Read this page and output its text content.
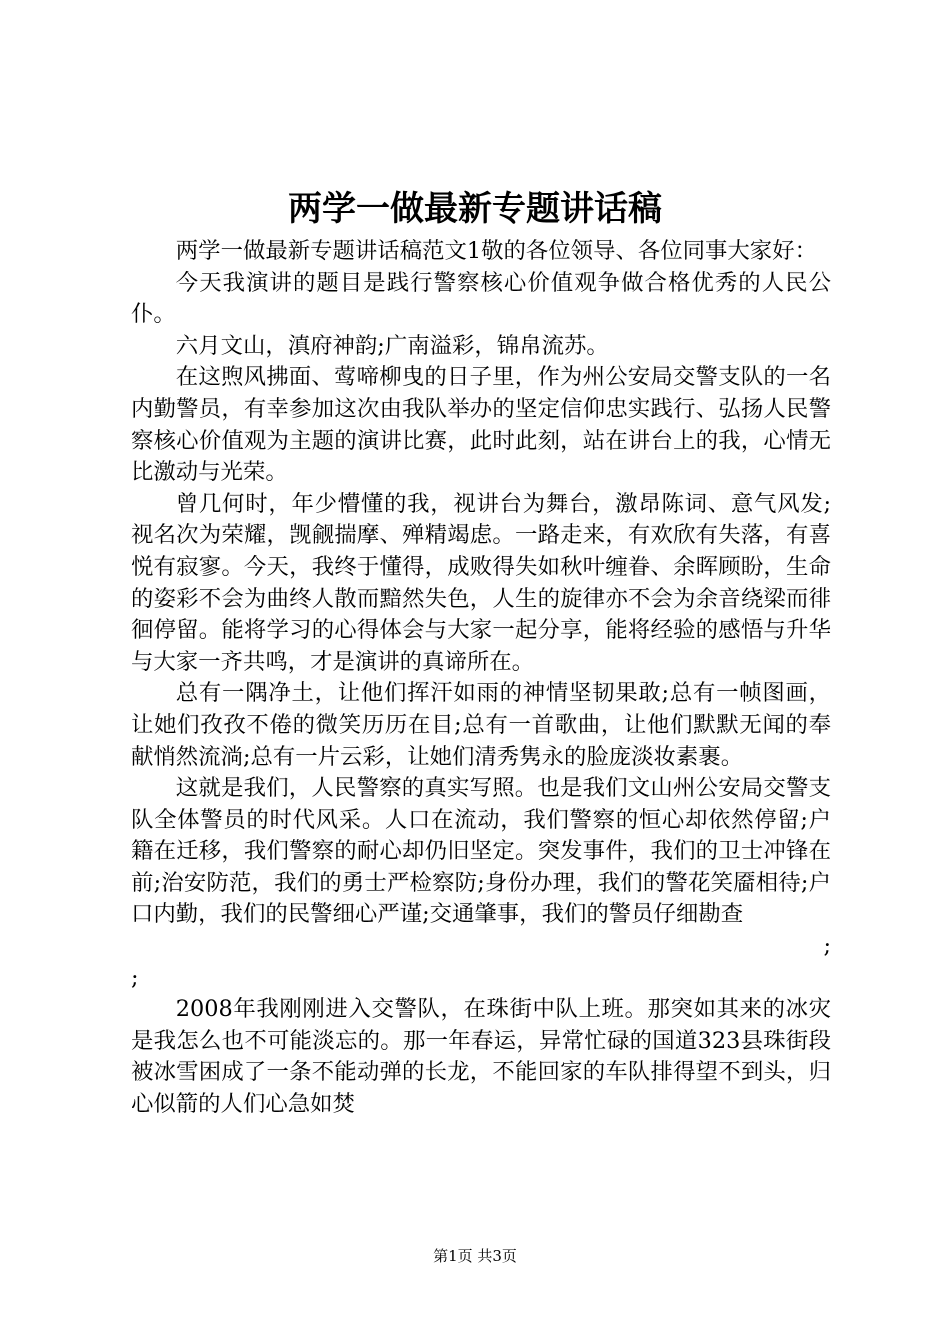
两学一做最新专题讲话稿

两学一做最新专题讲话稿范文1敬的各位领导、各位同事大家好：

今天我演讲的题目是践行警察核心价值观争做合格优秀的人民公仆。

六月文山，滇府神韵;广南溢彩，锦帛流苏。

在这煦风拂面、莺啼柳曳的日子里，作为州公安局交警支队的一名内勤警员，有幸参加这次由我队举办的坚定信仰忠实践行、弘扬人民警察核心价值观为主题的演讲比赛，此时此刻，站在讲台上的我，心情无比激动与光荣。

曾几何时，年少懵懂的我，视讲台为舞台，激昂陈词、意气风发;视名次为荣耀，觊觎揣摩、殚精竭虑。一路走来，有欢欣有失落，有喜悦有寂寥。今天，我终于懂得，成败得失如秋叶缠眷、余晖顾盼，生命的姿彩不会为曲终人散而黯然失色，人生的旋律亦不会为余音绕梁而徘徊停留。能将学习的心得体会与大家一起分享，能将经验的感悟与升华与大家一齐共鸣，才是演讲的真谛所在。

总有一隅净土，让他们挥汗如雨的神情坚韧果敢;总有一帧图画，让她们孜孜不倦的微笑历历在目;总有一首歌曲，让他们默默无闻的奉献悄然流淌;总有一片云彩，让她们清秀隽永的脸庞淡妆素裹。

这就是我们，人民警察的真实写照。也是我们文山州公安局交警支队全体警员的时代风采。人口在流动，我们警察的恒心却依然停留;户籍在迁移，我们警察的耐心却仍旧坚定。突发事件，我们的卫士冲锋在前;治安防范，我们的勇士严检察防;身份办理，我们的警花笑靥相待;户口内勤，我们的民警细心严谨;交通肇事，我们的警员仔细勘查

;

;

2008年我刚刚进入交警队，在珠街中队上班。那突如其来的冰灾是我怎么也不可能淡忘的。那一年春运，异常忙碌的国道323县珠街段被冰雪困成了一条不能动弹的长龙，不能回家的车队排得望不到头，归心似箭的人们心急如焚

第1页 共3页
